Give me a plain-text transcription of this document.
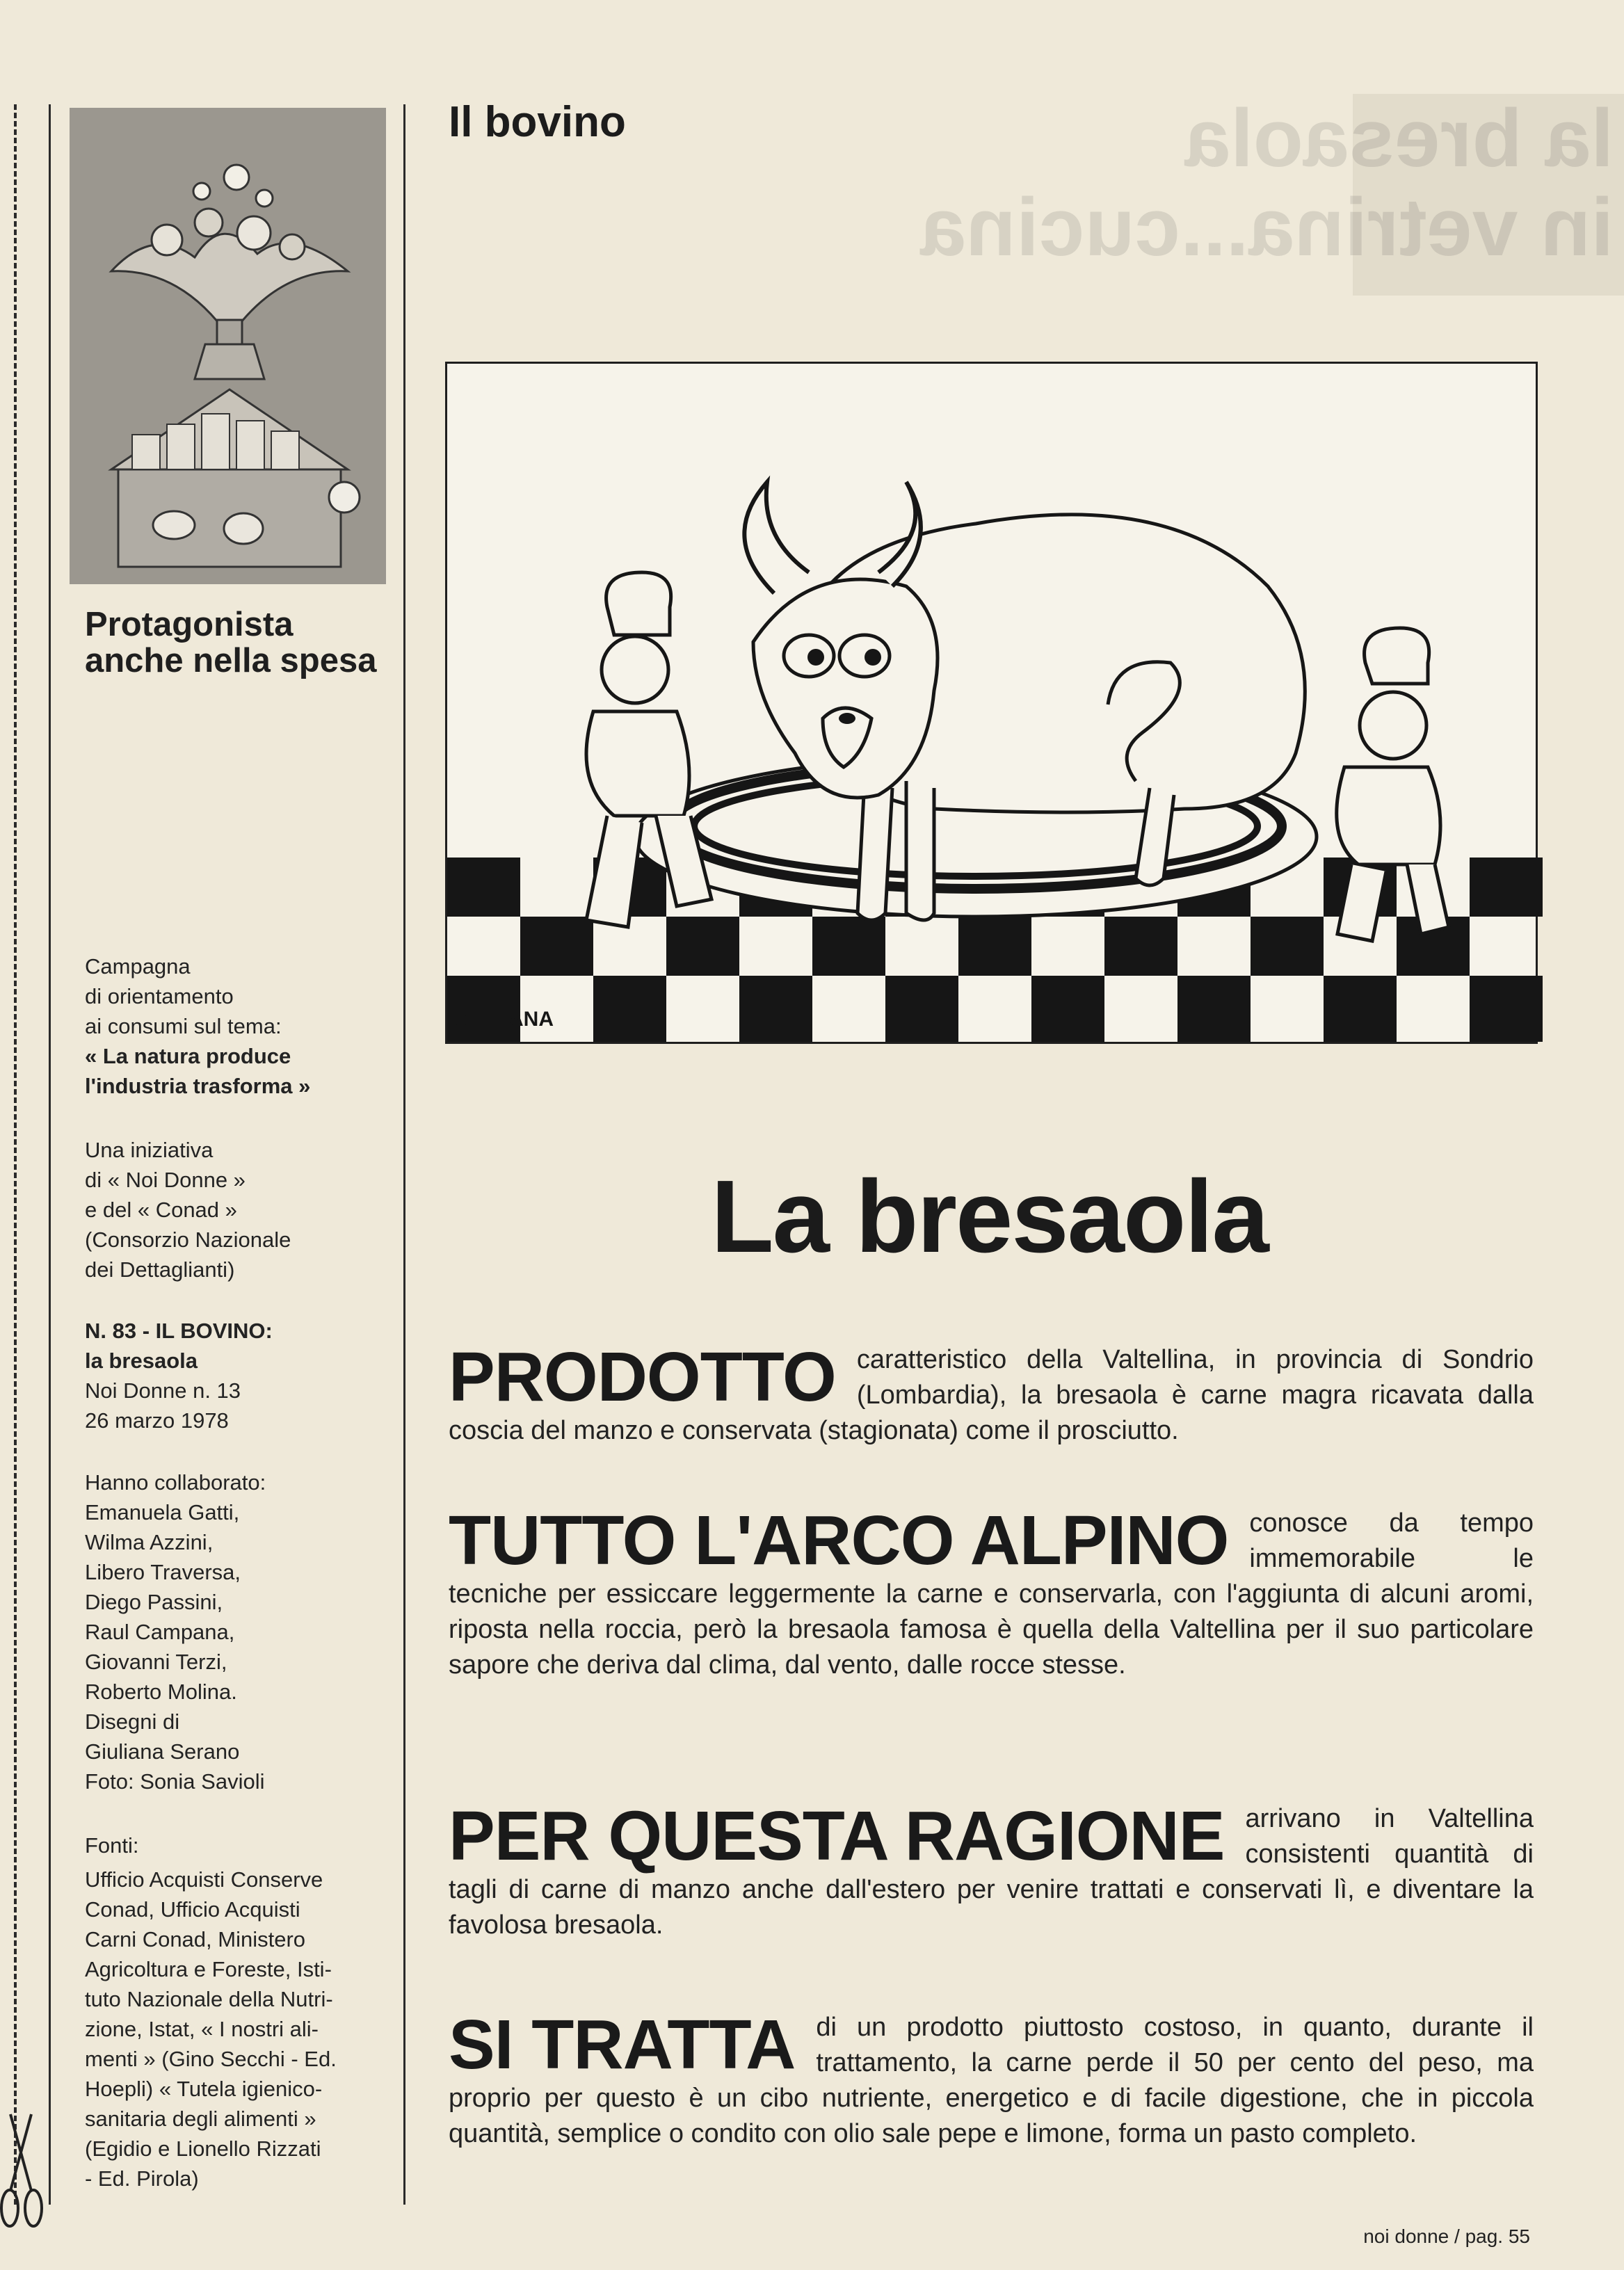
Protagonista anche nella spesa

Campagna

di orientamento

ai consumi sul tema:

« La natura produce

l'industria trasforma »

Una iniziativa

di « Noi Donne »

e del « Conad »

(Consorzio Nazionale

dei Dettaglianti)

N. 83 - IL BOVINO:

la bresaola

Noi Donne n. 13

26 marzo 1978

Hanno collaborato:

Emanuela Gatti,

Wilma Azzini,

Libero Traversa,

Diego Passini,

Raul Campana,

Giovanni Terzi,

Roberto Molina.

Disegni di

Giuliana Serano

Foto: Sonia Savioli

Fonti:

Ufficio Acquisti Conserve

Conad, Ufficio Acquisti

Carni Conad, Ministero

Agricoltura e Foreste, Isti-

tuto Nazionale della Nutri-

zione, Istat, « I nostri ali-

menti » (Gino Secchi - Ed.

Hoepli) « Tutela igienico-

sanitaria degli alimenti »

(Egidio e Lionello Rizzati

- Ed. Pirola)

la bresaola
in vetrina...cucina
Il bovino
GIULIANA
La bresaola
PRODOTTO caratteristico della Valtellina, in provincia di Sondrio (Lombardia), la bresaola è carne magra ricavata dalla coscia del manzo e conservata (stagionata) come il prosciutto.
TUTTO L'ARCO ALPINO conosce da tempo immemorabile le tecniche per essiccare leggermente la carne e conservarla, con l'aggiunta di alcuni aromi, riposta nella roccia, però la bresaola famosa è quella della Valtellina per il suo particolare sapore che deriva dal clima, dal vento, dalle rocce stesse.
PER QUESTA RAGIONE arrivano in Valtellina consistenti quantità di tagli di carne di manzo anche dall'estero per venire trattati e conservati lì, e diventare la favolosa bresaola.
SI TRATTA di un prodotto piuttosto costoso, in quanto, durante il trattamento, la carne perde il 50 per cento del peso, ma proprio per questo è un cibo nutriente, energetico e di facile digestione, che in piccola quantità, semplice o condito con olio sale pepe e limone, forma un pasto completo.
noi donne / pag. 55
